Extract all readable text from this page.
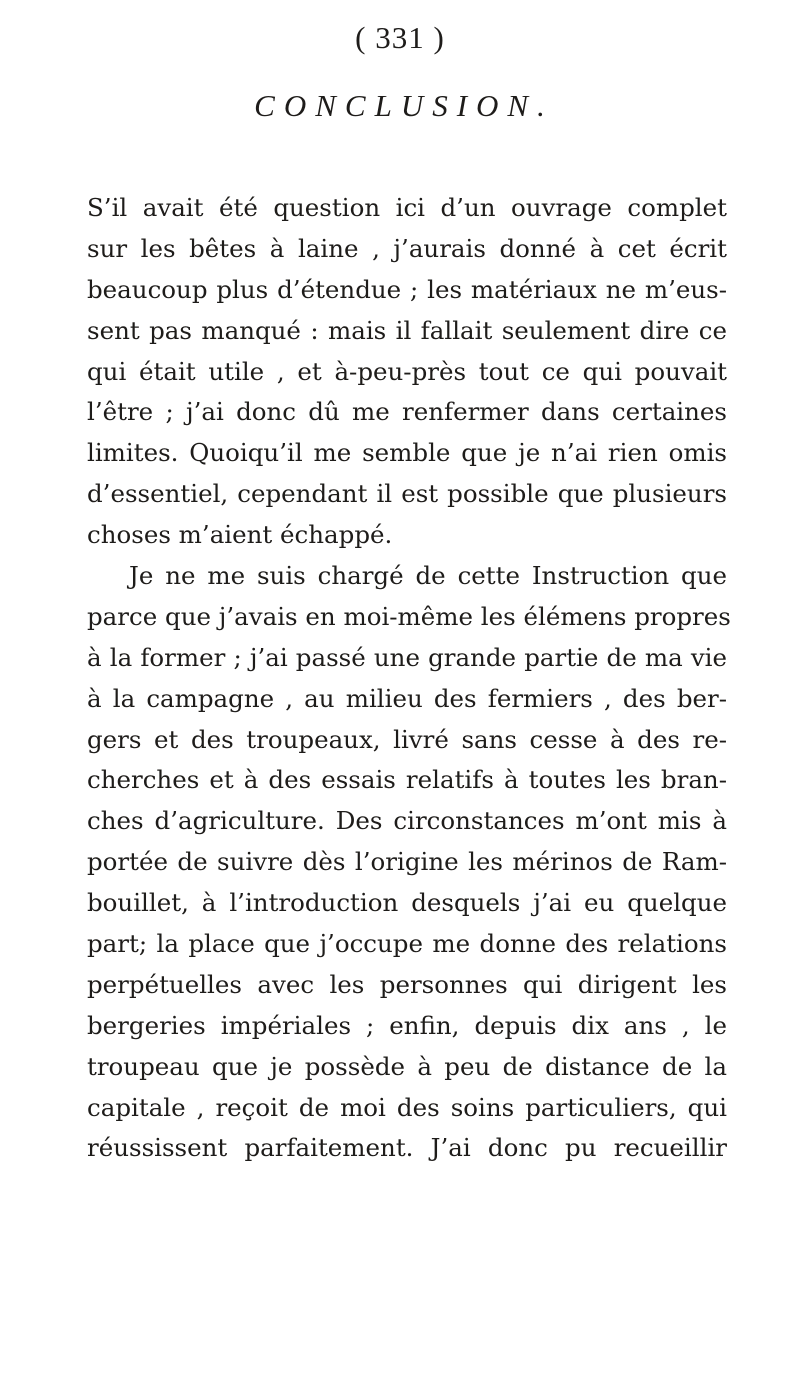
( 331 )
CONCLUSION.
S’il avait été question ici d’un ouvrage complet
sur les bêtes à laine , j’aurais donné à cet écrit
beaucoup plus d’étendue ; les matériaux ne m’eus-
sent pas manqué : mais il fallait seulement dire ce
qui était utile , et à-peu-près tout ce qui pouvait
l’être ; j’ai donc dû me renfermer dans certaines
limites. Quoiqu’il me semble que je n’ai rien omis
d’essentiel, cependant il est possible que plusieurs
choses m’aient échappé.
Je ne me suis chargé de cette Instruction que
parce que j’avais en moi-même les élémens propres
à la former ; j’ai passé une grande partie de ma vie
à la campagne , au milieu des fermiers , des ber-
gers et des troupeaux, livré sans cesse à des re-
cherches et à des essais relatifs à toutes les bran-
ches d’agriculture. Des circonstances m’ont mis à
portée de suivre dès l’origine les mérinos de Ram-
bouillet, à l’introduction desquels j’ai eu quelque
part; la place que j’occupe me donne des relations
perpétuelles avec les personnes qui dirigent les
bergeries impériales ; enfin, depuis dix ans , le
troupeau que je possède à peu de distance de la
capitale , reçoit de moi des soins particuliers, qui
réussissent parfaitement. J’ai donc pu recueillir
